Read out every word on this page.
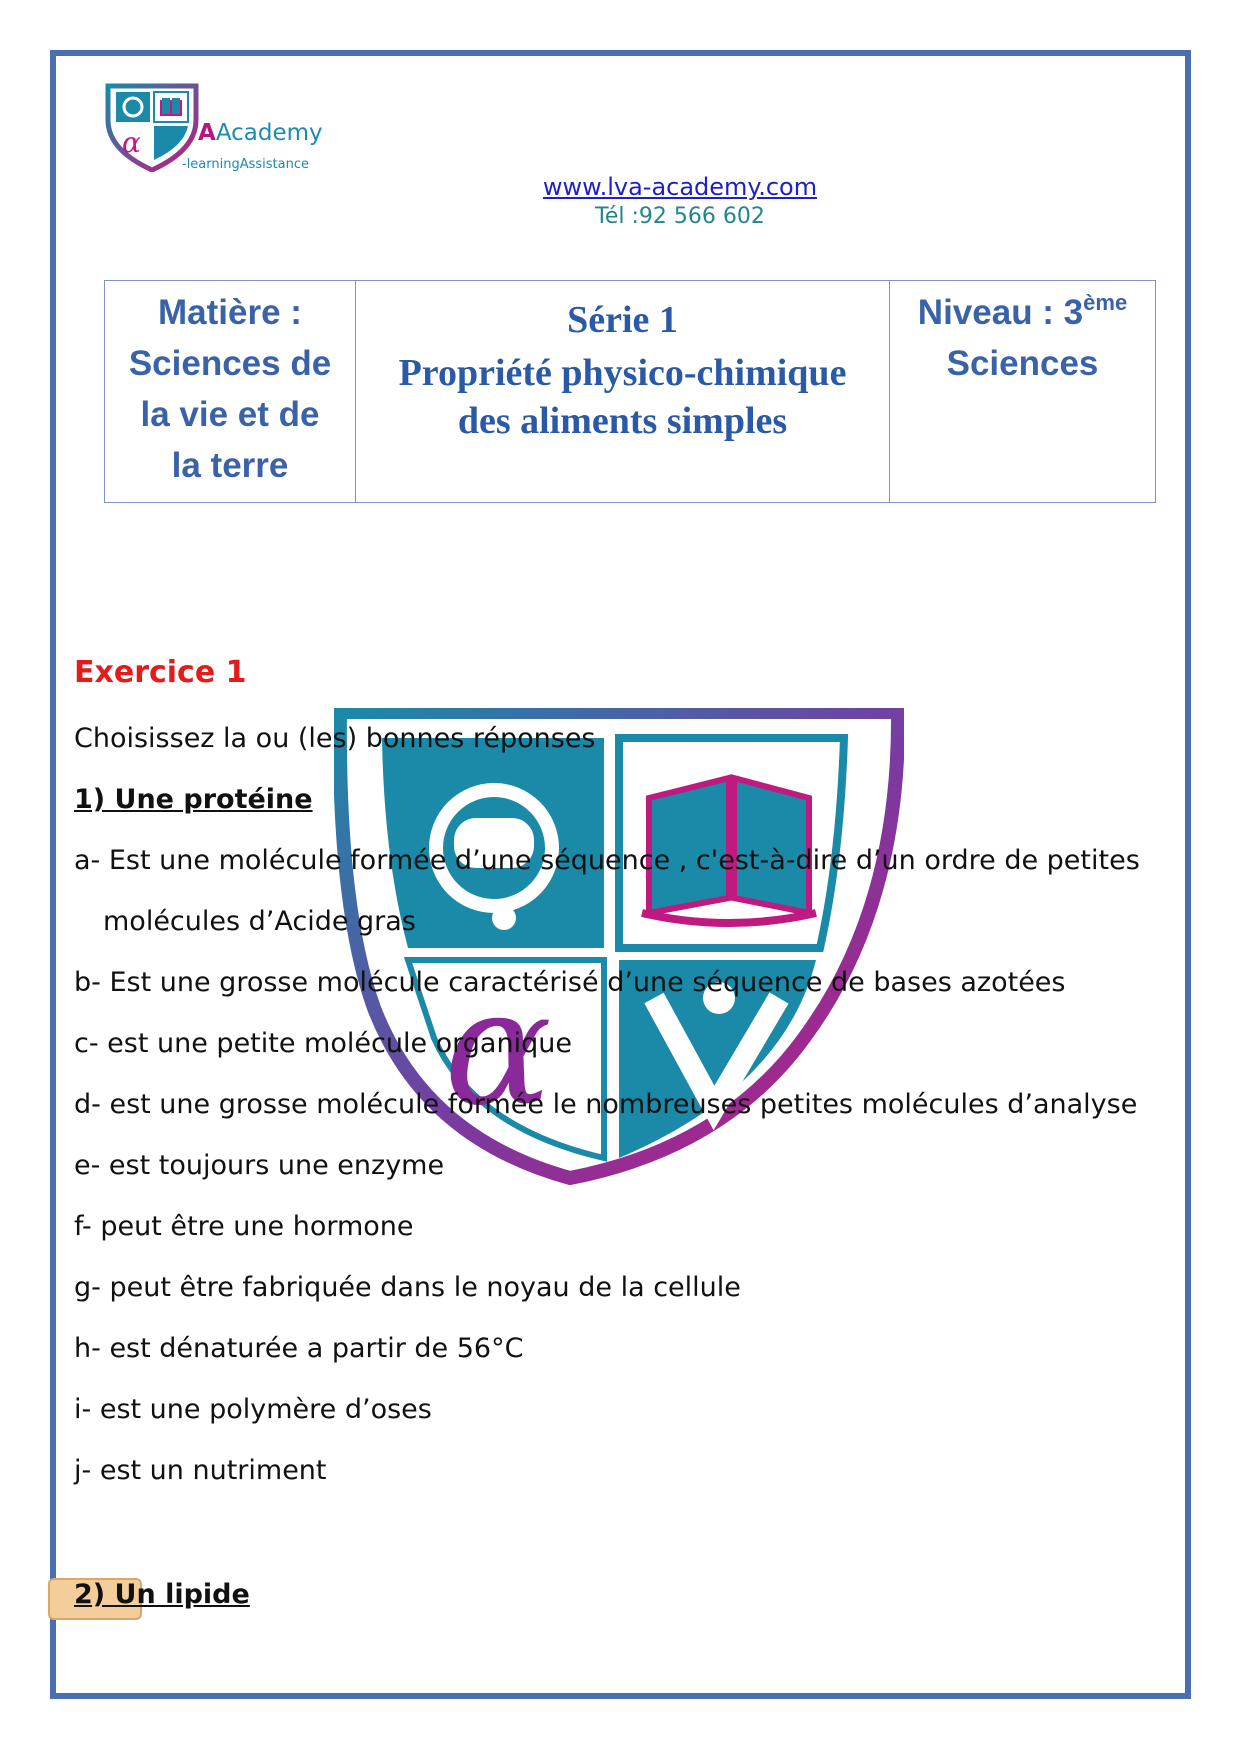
α AAcademy
-learningAssistance
www.lva-academy.com
Tél :92 566 602
Matière :
Sciences de
la vie et de
la terre

Série 1
Propriété physico-chimique
des aliments simples

Niveau : 3ème
Sciences
α
Exercice 1
Choisissez la ou (les) bonnes réponses
1) Une protéine
a- Est une molécule formée d’une séquence , c'est-à-dire d’un ordre de petites
molécules d’Acide gras
b- Est une grosse molécule caractérisé d’une séquence de bases azotées
c- est une petite molécule organique
d- est une grosse molécule formée le nombreuses petites molécules d’analyse
e- est toujours une enzyme
f- peut être une hormone
g- peut être fabriquée dans le noyau de la cellule
h- est dénaturée a partir de 56°C
i- est une polymère d’oses
j- est un nutriment
2) Un lipide
